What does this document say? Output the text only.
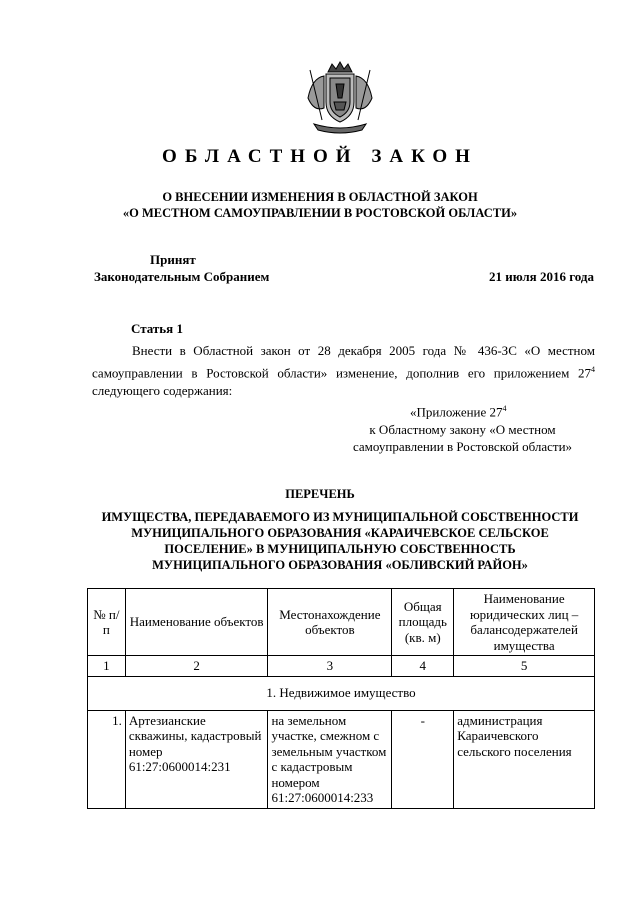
ОБЛАСТНОЙ ЗАКОН
О ВНЕСЕНИИ ИЗМЕНЕНИЯ В ОБЛАСТНОЙ ЗАКОН
«О МЕСТНОМ САМОУПРАВЛЕНИИ В РОСТОВСКОЙ ОБЛАСТИ»
Принят
Законодательным Собранием	21 июля 2016 года
Статья 1
Внести в Областной закон от 28 декабря 2005 года № 436-ЗС «О местном самоуправлении в Ростовской области» изменение, дополнив его приложением $27^4$ следующего содержания:
«Приложение $27^4$
к Областному закону «О местном
самоуправлении в Ростовской области»
ПЕРЕЧЕНЬ
ИМУЩЕСТВА, ПЕРЕДАВАЕМОГО ИЗ МУНИЦИПАЛЬНОЙ СОБСТВЕННОСТИ
МУНИЦИПАЛЬНОГО ОБРАЗОВАНИЯ «КАРАИЧЕВСКОЕ СЕЛЬСКОЕ
ПОСЕЛЕНИЕ» В МУНИЦИПАЛЬНУЮ СОБСТВЕННОСТЬ
МУНИЦИПАЛЬНОГО ОБРАЗОВАНИЯ «ОБЛИВСКИЙ РАЙОН»
№ п/п	Наименование объектов	Местонахождение объектов	Общая площадь (кв. м)	Наименование юридических лиц – балансодержателей имущества
1	2	3	4	5
1. Недвижимое имущество				
1.	Артезианские скважины, кадастровый номер 61:27:0600014:231	на земельном участке, смежном с земельным участком с кадастровым номером 61:27:0600014:233	-	администрация Караичевского сельского поселения
